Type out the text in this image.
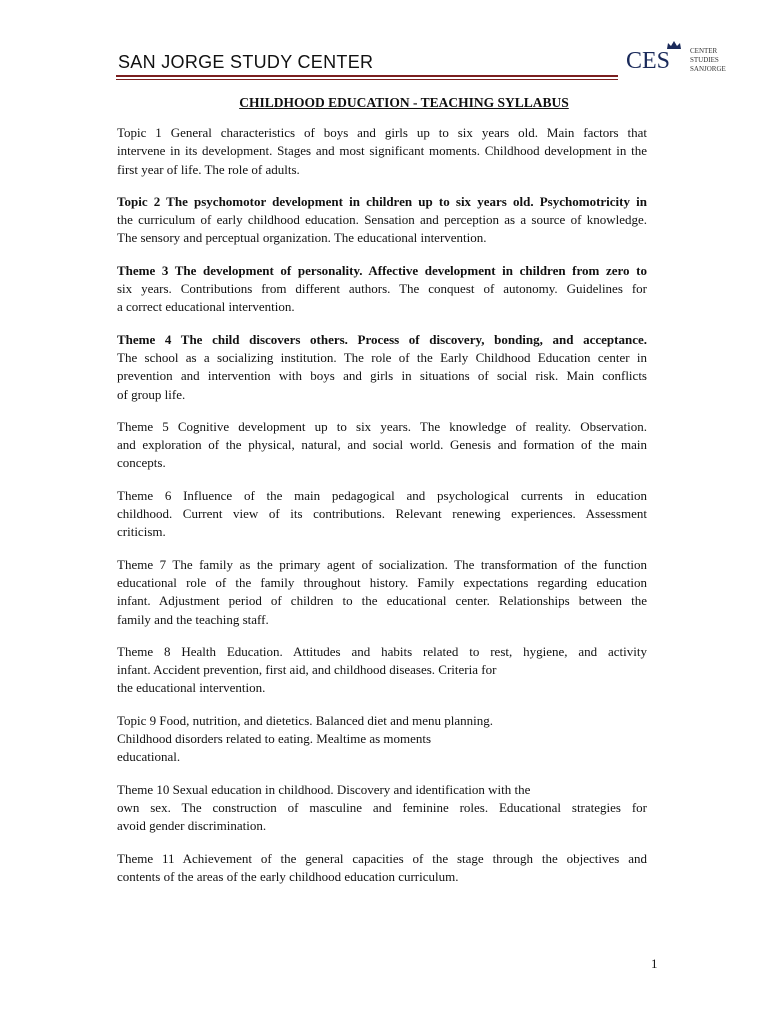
SAN JORGE STUDY CENTER	CES	CENTER
STUDIES
SANJORGE
CHILDHOOD EDUCATION - TEACHING SYLLABUS
Topic 1 General characteristics of boys and girls up to six years old. Main factors that
intervene in its development. Stages and most significant moments. Childhood development in the
first year of life. The role of adults.
Topic 2 The psychomotor development in children up to six years old. Psychomotricity in
the curriculum of early childhood education. Sensation and perception as a source of knowledge.
The sensory and perceptual organization. The educational intervention.
Theme 3 The development of personality. Affective development in children from zero to
six years. Contributions from different authors. The conquest of autonomy. Guidelines for
a correct educational intervention.
Theme 4 The child discovers others. Process of discovery, bonding, and acceptance.
The school as a socializing institution. The role of the Early Childhood Education center in
prevention and intervention with boys and girls in situations of social risk. Main conflicts
of group life.
Theme 5 Cognitive development up to six years. The knowledge of reality. Observation.
and exploration of the physical, natural, and social world. Genesis and formation of the main
concepts.
Theme 6 Influence of the main pedagogical and psychological currents in education
childhood. Current view of its contributions. Relevant renewing experiences. Assessment
criticism.
Theme 7 The family as the primary agent of socialization. The transformation of the function
educational role of the family throughout history. Family expectations regarding education
infant. Adjustment period of children to the educational center. Relationships between the
family and the teaching staff.
Theme 8 Health Education. Attitudes and habits related to rest, hygiene, and activity
infant. Accident prevention, first aid, and childhood diseases. Criteria for
the educational intervention.
Topic 9 Food, nutrition, and dietetics. Balanced diet and menu planning.
Childhood disorders related to eating. Mealtime as moments
educational.
Theme 10 Sexual education in childhood. Discovery and identification with the
own sex. The construction of masculine and feminine roles. Educational strategies for
avoid gender discrimination.
Theme 11 Achievement of the general capacities of the stage through the objectives and
contents of the areas of the early childhood education curriculum.
1
